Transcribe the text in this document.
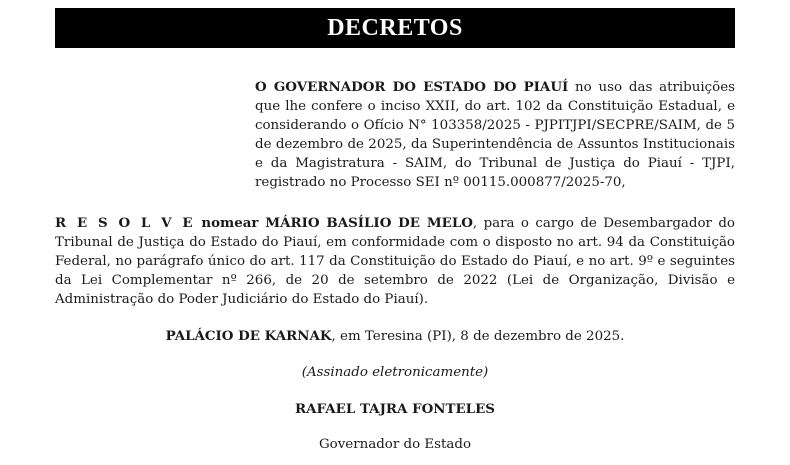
DECRETOS
O GOVERNADOR DO ESTADO DO PIAUÍ no uso das atribuições que lhe confere o inciso XXII, do art. 102 da Constituição Estadual, e considerando o Ofício N° 103358/2025 - PJPITJPI/SECPRE/SAIM, de 5 de dezembro de 2025, da Superintendência de Assuntos Institucionais e da Magistratura - SAIM, do Tribunal de Justiça do Piauí - TJPI, registrado no Processo SEI nº 00115.000877/2025-70,
R E S O L V E nomear MÁRIO BASÍLIO DE MELO, para o cargo de Desembargador do Tribunal de Justiça do Estado do Piauí, em conformidade com o disposto no art. 94 da Constituição Federal, no parágrafo único do art. 117 da Constituição do Estado do Piauí, e no art. 9º e seguintes da Lei Complementar nº 266, de 20 de setembro de 2022 (Lei de Organização, Divisão e Administração do Poder Judiciário do Estado do Piauí).
PALÁCIO DE KARNAK, em Teresina (PI), 8 de dezembro de 2025.
(Assinado eletronicamente)
RAFAEL TAJRA FONTELES
Governador do Estado
